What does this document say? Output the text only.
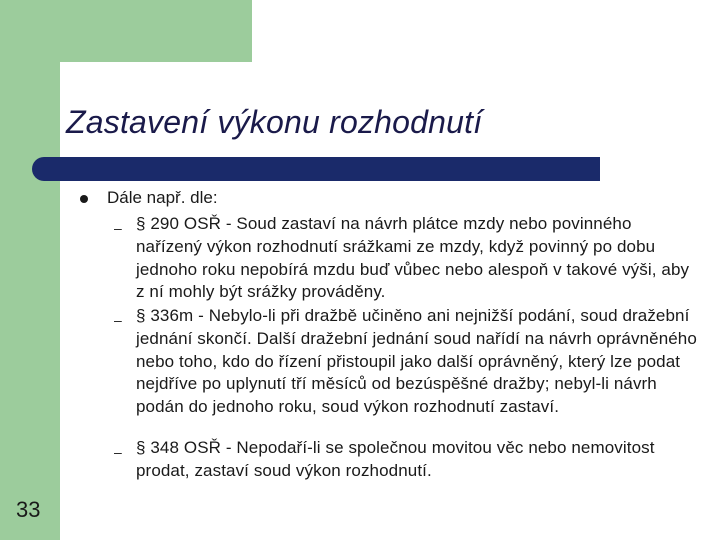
Zastavení výkonu rozhodnutí
Dále např. dle:
– § 290 OSŘ - Soud zastaví na návrh plátce mzdy nebo povinného nařízený výkon rozhodnutí srážkami ze mzdy, když povinný po dobu jednoho roku nepobírá mzdu buď vůbec nebo alespoň v takové výši, aby z ní mohly být srážky prováděny.
– § 336m - Nebylo-li při dražbě učiněno ani nejnižší podání, soud dražební jednání skončí. Další dražební jednání soud nařídí na návrh oprávněného nebo toho, kdo do řízení přistoupil jako další oprávněný, který lze podat nejdříve po uplynutí tří měsíců od bezúspěšné dražby; nebyl-li návrh podán do jednoho roku, soud výkon rozhodnutí zastaví.
– § 348 OSŘ - Nepodaří-li se společnou movitou věc nebo nemovitost prodat, zastaví soud výkon rozhodnutí.
33
